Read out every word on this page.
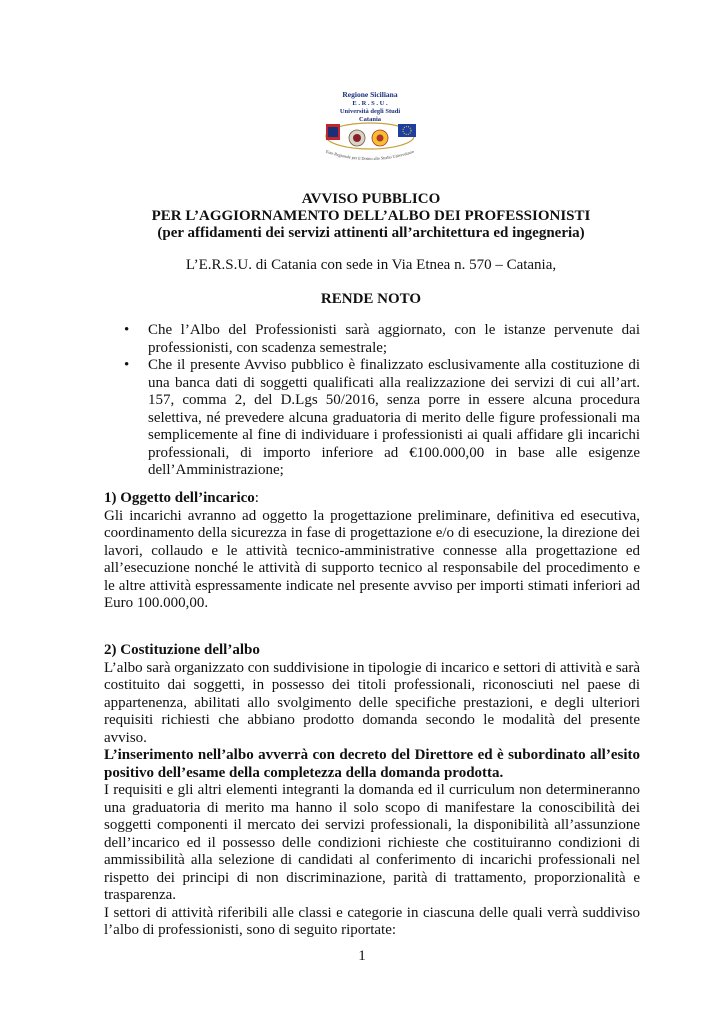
Regione Siciliana
E . R . S . U .
Università degli Studi
Catania
Ente Regionale per il Diritto allo Studio Universitario
AVVISO PUBBLICO
PER L’AGGIORNAMENTO DELL’ALBO DEI PROFESSIONISTI
(per affidamenti dei servizi attinenti all’architettura ed ingegneria)
L’E.R.S.U. di Catania con sede in Via Etnea n. 570 – Catania,
RENDE NOTO
•	Che l’Albo del Professionisti sarà aggiornato, con le istanze pervenute dai professionisti, con scadenza semestrale;
•	Che il presente Avviso pubblico è finalizzato esclusivamente alla costituzione di una banca dati di soggetti qualificati alla realizzazione dei servizi di cui all’art. 157, comma 2, del D.Lgs 50/2016, senza porre in essere alcuna procedura selettiva, né prevedere alcuna graduatoria di merito delle figure professionali ma semplicemente al fine di individuare i professionisti ai quali affidare gli incarichi professionali, di importo inferiore ad €100.000,00 in base alle esigenze dell’Amministrazione;
1) Oggetto dell’incarico:
Gli incarichi avranno ad oggetto la progettazione preliminare, definitiva ed esecutiva, coordinamento della sicurezza in fase di progettazione e/o di esecuzione, la direzione dei lavori, collaudo e le attività tecnico-amministrative connesse alla progettazione ed all’esecuzione nonché le attività di supporto tecnico al responsabile del procedimento e le altre attività espressamente indicate nel presente avviso per importi stimati inferiori ad Euro 100.000,00.
2) Costituzione dell’albo
L’albo sarà organizzato con suddivisione in tipologie di incarico e settori di attività e sarà costituito dai soggetti, in possesso dei titoli professionali, riconosciuti nel paese di appartenenza, abilitati allo svolgimento delle specifiche prestazioni, e degli ulteriori requisiti richiesti che abbiano prodotto domanda secondo le modalità del presente avviso.
L’inserimento nell’albo avverrà con decreto del Direttore ed è subordinato all’esito positivo dell’esame della completezza della domanda prodotta.
I requisiti e gli altri elementi integranti la domanda ed il curriculum non determineranno una graduatoria di merito ma hanno il solo scopo di manifestare la conoscibilità dei soggetti componenti il mercato dei servizi professionali, la disponibilità all’assunzione dell’incarico ed il possesso delle condizioni richieste che costituiranno condizioni di ammissibilità alla selezione di candidati al conferimento di incarichi professionali nel rispetto dei principi di non discriminazione, parità di trattamento, proporzionalità e trasparenza.
I settori di attività riferibili alle classi e categorie in ciascuna delle quali verrà suddiviso l’albo di professionisti, sono di seguito riportate:
1
